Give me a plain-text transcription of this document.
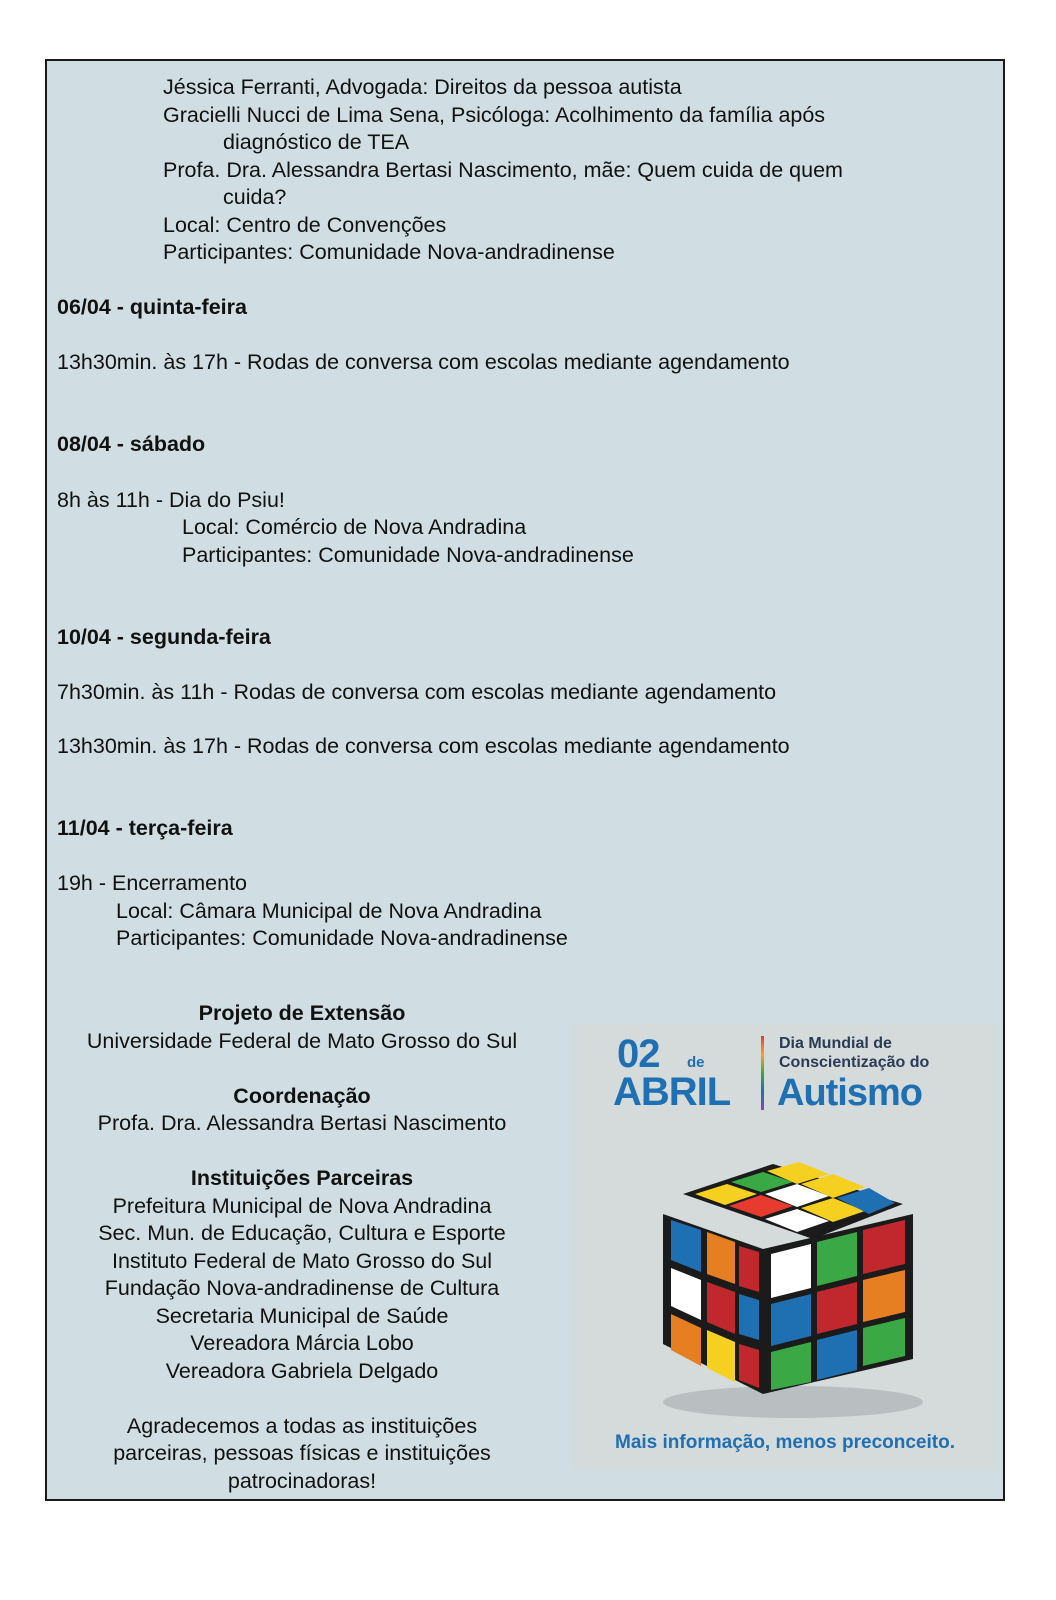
Jéssica Ferranti, Advogada: Direitos da pessoa autista
Gracielli Nucci de Lima Sena, Psicóloga: Acolhimento da família após
diagnóstico de TEA
Profa. Dra. Alessandra Bertasi Nascimento, mãe: Quem cuida de quem
cuida?
Local: Centro de Convenções
Participantes: Comunidade Nova-andradinense
06/04 - quinta-feira
13h30min. às 17h - Rodas de conversa com escolas mediante agendamento
08/04 - sábado
8h às 11h - Dia do Psiu!
Local: Comércio de Nova Andradina
Participantes: Comunidade Nova-andradinense
10/04 - segunda-feira
7h30min. às 11h - Rodas de conversa com escolas mediante agendamento
13h30min. às 17h - Rodas de conversa com escolas mediante agendamento
11/04 - terça-feira
19h - Encerramento
Local: Câmara Municipal de Nova Andradina
Participantes: Comunidade Nova-andradinense
Projeto de Extensão
Universidade Federal de Mato Grosso do Sul
Coordenação
Profa. Dra. Alessandra Bertasi Nascimento
Instituições Parceiras
Prefeitura Municipal de Nova Andradina
Sec. Mun. de Educação, Cultura e Esporte
Instituto Federal de Mato Grosso do Sul
Fundação Nova-andradinense de Cultura
Secretaria Municipal de Saúde
Vereadora Márcia Lobo
Vereadora Gabriela Delgado
Agradecemos a todas as instituições
parceiras, pessoas físicas e instituições
patrocinadoras!
02 de
ABRIL
Dia Mundial de
Conscientização do
Autismo
Mais informação, menos preconceito.
